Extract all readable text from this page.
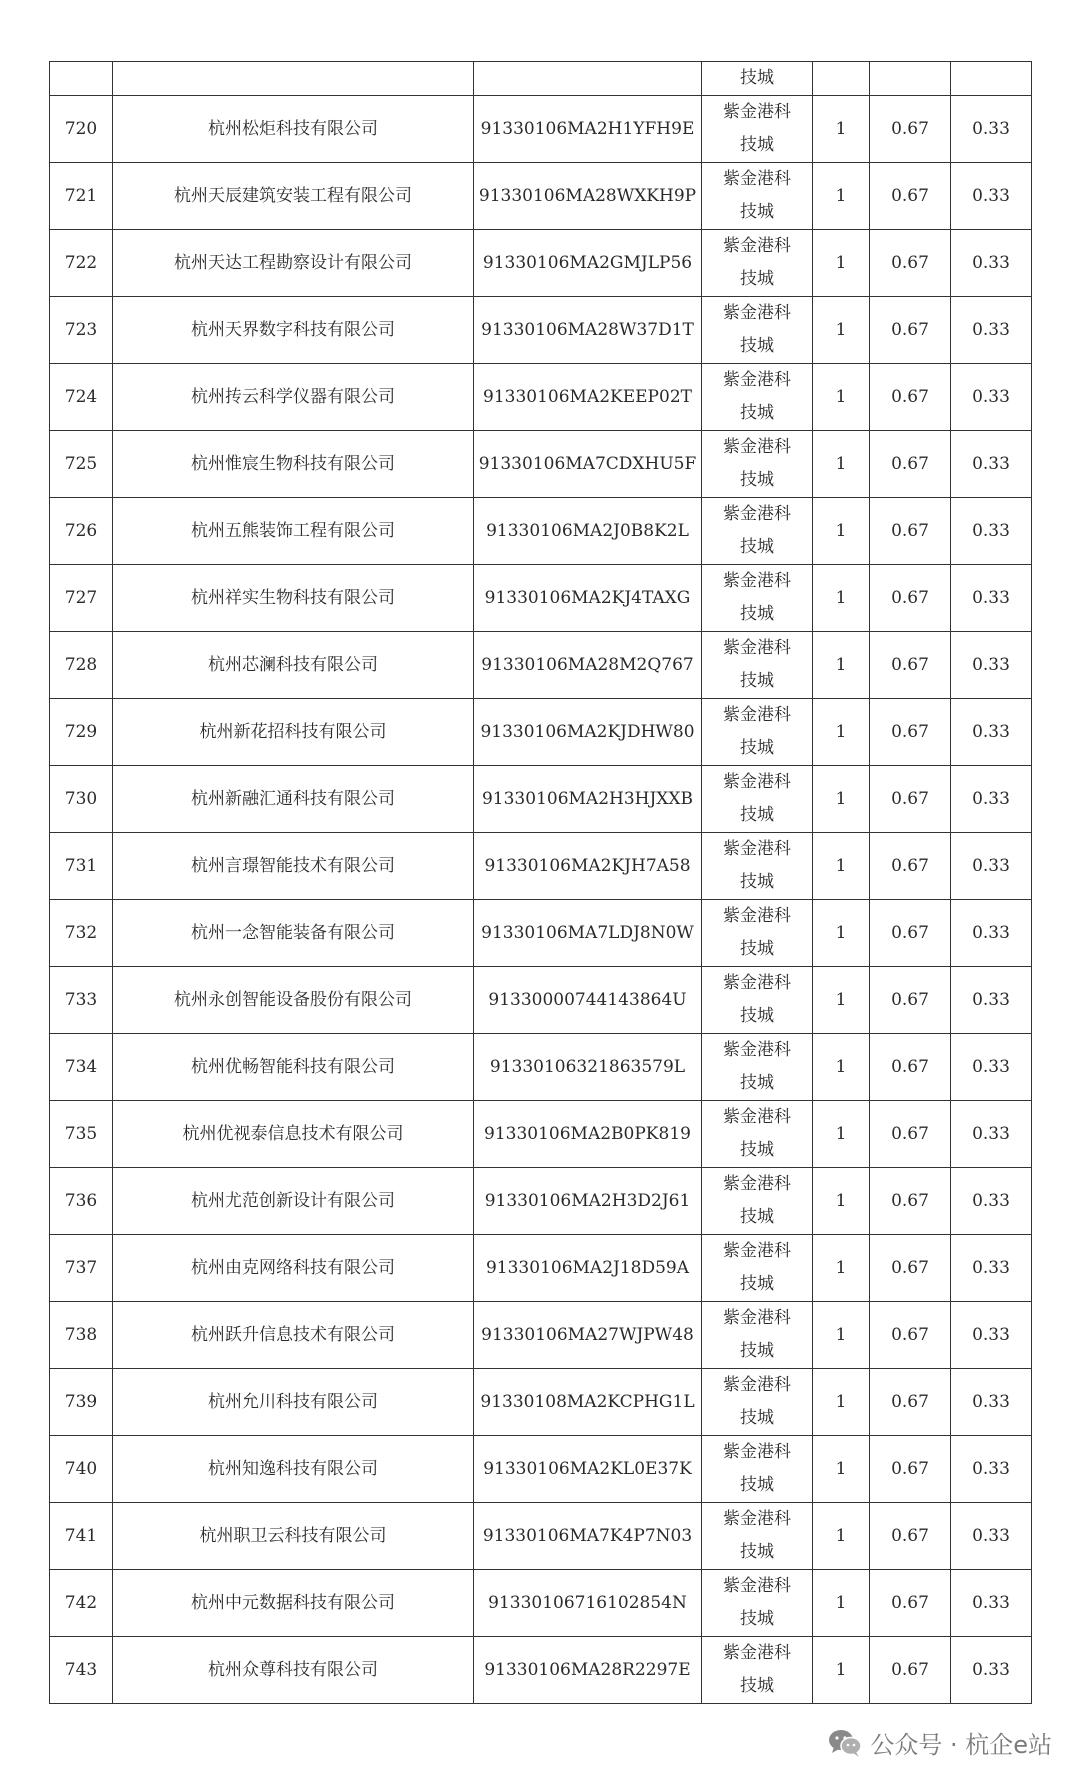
			技城			

720	杭州松炬科技有限公司	91330106MA2H1YFH9E	紫金港科
技城	1	0.67	0.33
721	杭州天辰建筑安装工程有限公司	91330106MA28WXKH9P	紫金港科
技城	1	0.67	0.33
722	杭州天达工程勘察设计有限公司	91330106MA2GMJLP56	紫金港科
技城	1	0.67	0.33
723	杭州天界数字科技有限公司	91330106MA28W37D1T	紫金港科
技城	1	0.67	0.33
724	杭州抟云科学仪器有限公司	91330106MA2KEEP02T	紫金港科
技城	1	0.67	0.33
725	杭州惟宸生物科技有限公司	91330106MA7CDXHU5F	紫金港科
技城	1	0.67	0.33
726	杭州五熊装饰工程有限公司	91330106MA2J0B8K2L	紫金港科
技城	1	0.67	0.33
727	杭州祥实生物科技有限公司	91330106MA2KJ4TAXG	紫金港科
技城	1	0.67	0.33
728	杭州芯澜科技有限公司	91330106MA28M2Q767	紫金港科
技城	1	0.67	0.33
729	杭州新花招科技有限公司	91330106MA2KJDHW80	紫金港科
技城	1	0.67	0.33
730	杭州新融汇通科技有限公司	91330106MA2H3HJXXB	紫金港科
技城	1	0.67	0.33
731	杭州言璟智能技术有限公司	91330106MA2KJH7A58	紫金港科
技城	1	0.67	0.33
732	杭州一念智能装备有限公司	91330106MA7LDJ8N0W	紫金港科
技城	1	0.67	0.33
733	杭州永创智能设备股份有限公司	91330000744143864U	紫金港科
技城	1	0.67	0.33
734	杭州优畅智能科技有限公司	91330106321863579L	紫金港科
技城	1	0.67	0.33
735	杭州优视泰信息技术有限公司	91330106MA2B0PK819	紫金港科
技城	1	0.67	0.33
736	杭州尤范创新设计有限公司	91330106MA2H3D2J61	紫金港科
技城	1	0.67	0.33
737	杭州由克网络科技有限公司	91330106MA2J18D59A	紫金港科
技城	1	0.67	0.33
738	杭州跃升信息技术有限公司	91330106MA27WJPW48	紫金港科
技城	1	0.67	0.33
739	杭州允川科技有限公司	91330108MA2KCPHG1L	紫金港科
技城	1	0.67	0.33
740	杭州知逸科技有限公司	91330106MA2KL0E37K	紫金港科
技城	1	0.67	0.33
741	杭州职卫云科技有限公司	91330106MA7K4P7N03	紫金港科
技城	1	0.67	0.33
742	杭州中元数据科技有限公司	91330106716102854N	紫金港科
技城	1	0.67	0.33
743	杭州众尊科技有限公司	91330106MA28R2297E	紫金港科
技城	1	0.67	0.33
公众号 · 杭企e站
